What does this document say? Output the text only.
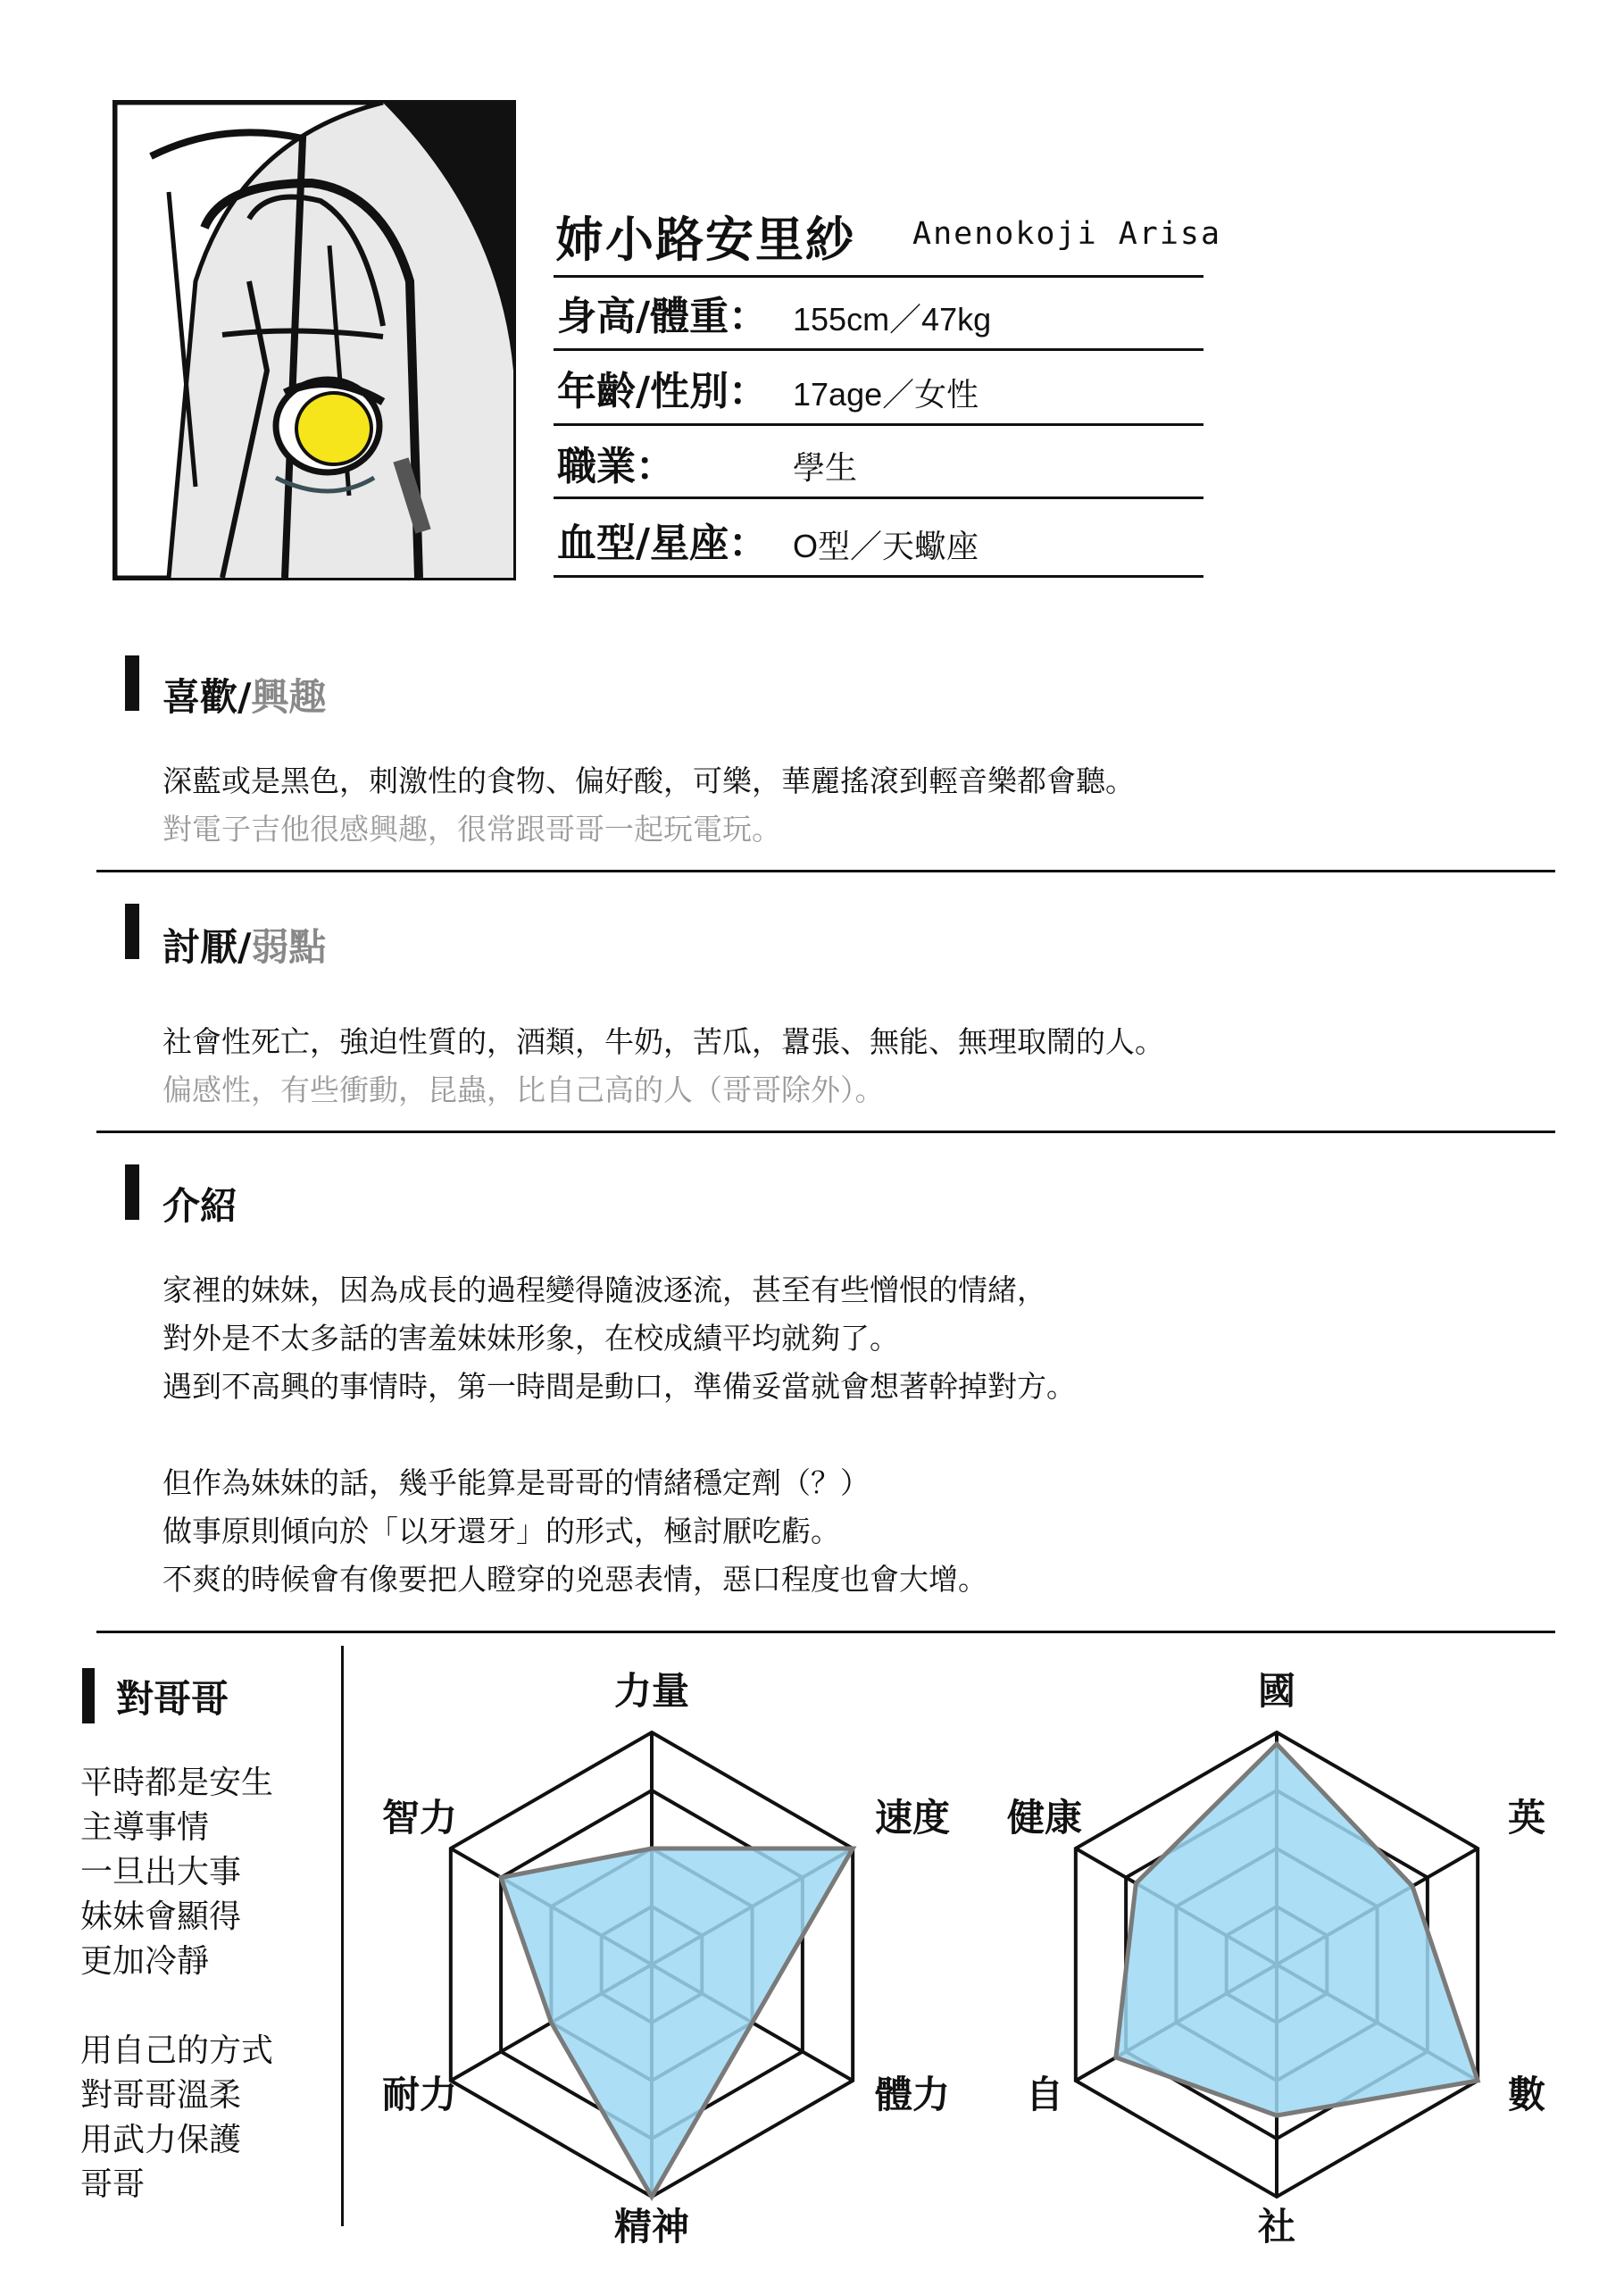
姉小路安里紗 Anenokoji Arisa
身高/體重： 155cm／47kg
年齡/性別： 17age／女性
職業：	學生
血型/星座： O型／天蠍座
喜歡/興趣
深藍或是黑色，刺激性的食物、偏好酸，可樂，華麗搖滾到輕音樂都會聽。
對電子吉他很感興趣，很常跟哥哥一起玩電玩。
討厭/弱點
社會性死亡，強迫性質的，酒類，牛奶，苦瓜，囂張、無能、無理取鬧的人。
偏感性，有些衝動，昆蟲，比自己高的人（哥哥除外）。
介紹
家裡的妹妹，因為成長的過程變得隨波逐流，甚至有些憎恨的情緒，
對外是不太多話的害羞妹妹形象，在校成績平均就夠了。
遇到不高興的事情時，第一時間是動口，準備妥當就會想著幹掉對方。
但作為妹妹的話，幾乎能算是哥哥的情緒穩定劑（？）
做事原則傾向於「以牙還牙」的形式，極討厭吃虧。
不爽的時候會有像要把人瞪穿的兇惡表情，惡口程度也會大增。
對哥哥
平時都是安生
主導事情
一旦出大事
妹妹會顯得
更加冷靜
用自己的方式
對哥哥溫柔
用武力保護
哥哥
力量
速度
體力
精神
耐力
智力
國
英
數
社
自
健康
